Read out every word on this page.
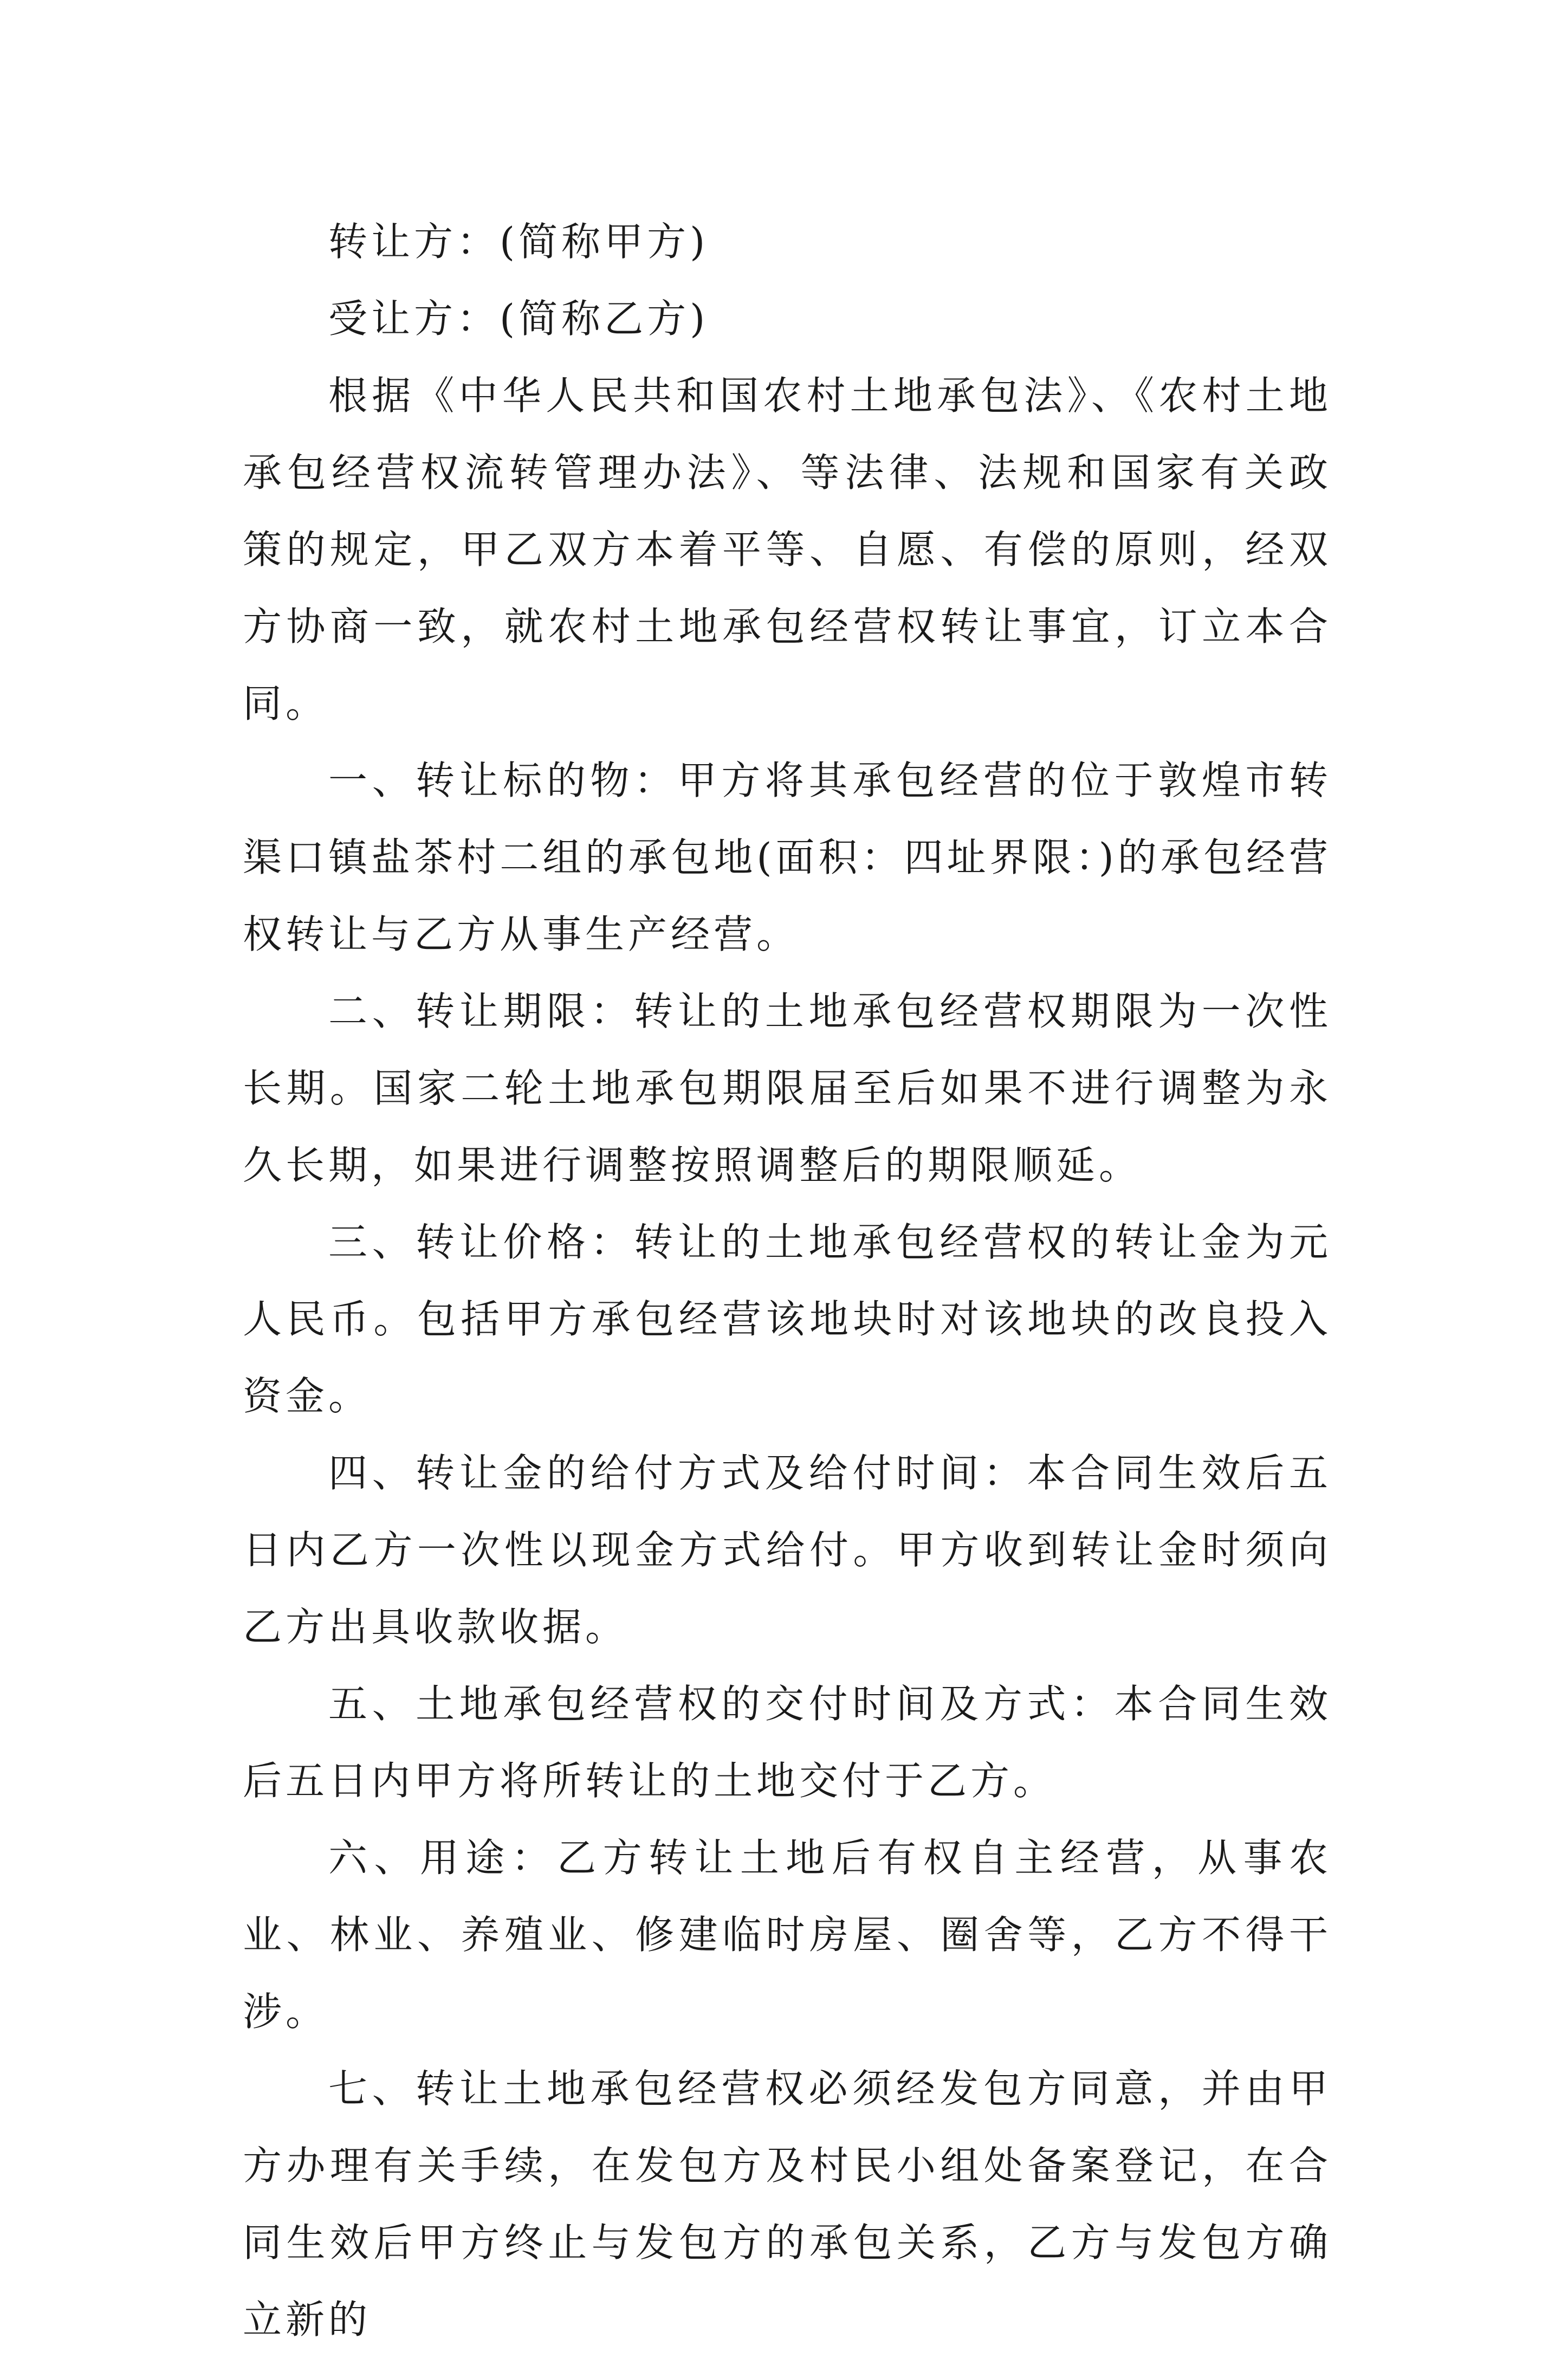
转让方：(简称甲方)

受让方：(简称乙方)

根据《中华人民共和国农村土地承包法》、《农村土地承包经营权流转管理办法》、等法律、法规和国家有关政策的规定，甲乙双方本着平等、自愿、有偿的原则，经双方协商一致，就农村土地承包经营权转让事宜，订立本合同。

一、转让标的物：甲方将其承包经营的位于敦煌市转渠口镇盐茶村二组的承包地(面积：四址界限：)的承包经营权转让与乙方从事生产经营。

二、转让期限：转让的土地承包经营权期限为一次性长期。国家二轮土地承包期限届至后如果不进行调整为永久长期，如果进行调整按照调整后的期限顺延。

三、转让价格：转让的土地承包经营权的转让金为元人民币。包括甲方承包经营该地块时对该地块的改良投入资金。

四、转让金的给付方式及给付时间：本合同生效后五日内乙方一次性以现金方式给付。甲方收到转让金时须向乙方出具收款收据。

五、土地承包经营权的交付时间及方式：本合同生效后五日内甲方将所转让的土地交付于乙方。

六、用途：乙方转让土地后有权自主经营，从事农业、林业、养殖业、修建临时房屋、圈舍等，乙方不得干涉。

七、转让土地承包经营权必须经发包方同意，并由甲方办理有关手续，在发包方及村民小组处备案登记，在合同生效后甲方终止与发包方的承包关系，乙方与发包方确立新的
